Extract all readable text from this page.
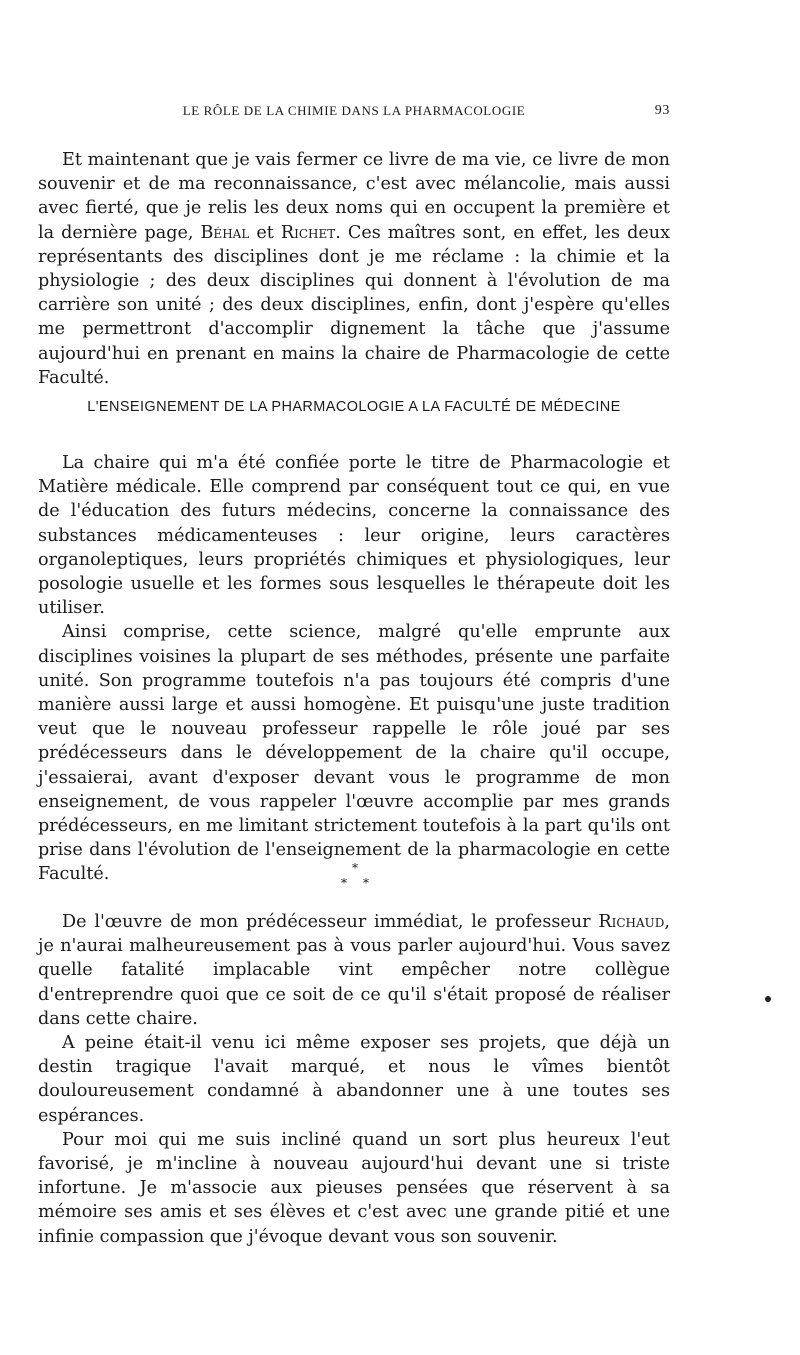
LE RÔLE DE LA CHIMIE DANS LA PHARMACOLOGIE	93

Et maintenant que je vais fermer ce livre de ma vie, ce livre de mon souvenir et de ma reconnaissance, c'est avec mélancolie, mais aussi avec fierté, que je relis les deux noms qui en occupent la première et la dernière page, Béhal et Richet. Ces maîtres sont, en effet, les deux représentants des disciplines dont je me réclame : la chimie et la physiologie ; des deux disciplines qui donnent à l'évolution de ma carrière son unité ; des deux disciplines, enfin, dont j'espère qu'elles me permettront d'accomplir dignement la tâche que j'assume aujourd'hui en prenant en mains la chaire de Pharmacologie de cette Faculté.

L'ENSEIGNEMENT DE LA PHARMACOLOGIE A LA FACULTÉ DE MÉDECINE

La chaire qui m'a été confiée porte le titre de Pharmacologie et Matière médicale. Elle comprend par conséquent tout ce qui, en vue de l'éducation des futurs médecins, concerne la connaissance des substances médicamenteuses : leur origine, leurs caractères organoleptiques, leurs propriétés chimiques et physiologiques, leur posologie usuelle et les formes sous lesquelles le thérapeute doit les utiliser.

Ainsi comprise, cette science, malgré qu'elle emprunte aux disciplines voisines la plupart de ses méthodes, présente une parfaite unité. Son programme toutefois n'a pas toujours été compris d'une manière aussi large et aussi homogène. Et puisqu'une juste tradition veut que le nouveau professeur rappelle le rôle joué par ses prédécesseurs dans le développement de la chaire qu'il occupe, j'essaierai, avant d'exposer devant vous le programme de mon enseignement, de vous rappeler l'œuvre accomplie par mes grands prédécesseurs, en me limitant strictement toutefois à la part qu'ils ont prise dans l'évolution de l'enseignement de la pharmacologie en cette Faculté.	*
* *

De l'œuvre de mon prédécesseur immédiat, le professeur Richaud, je n'aurai malheureusement pas à vous parler aujourd'hui. Vous savez quelle fatalité implacable vint empêcher notre collègue d'entreprendre quoi que ce soit de ce qu'il s'était proposé de réaliser dans cette chaire.

A peine était-il venu ici même exposer ses projets, que déjà un destin tragique l'avait marqué, et nous le vîmes bientôt douloureusement condamné à abandonner une à une toutes ses espérances.

Pour moi qui me suis incliné quand un sort plus heureux l'eut favorisé, je m'incline à nouveau aujourd'hui devant une si triste infortune. Je m'associe aux pieuses pensées que réservent à sa mémoire ses amis et ses élèves et c'est avec une grande pitié et une infinie compassion que j'évoque devant vous son souvenir.
